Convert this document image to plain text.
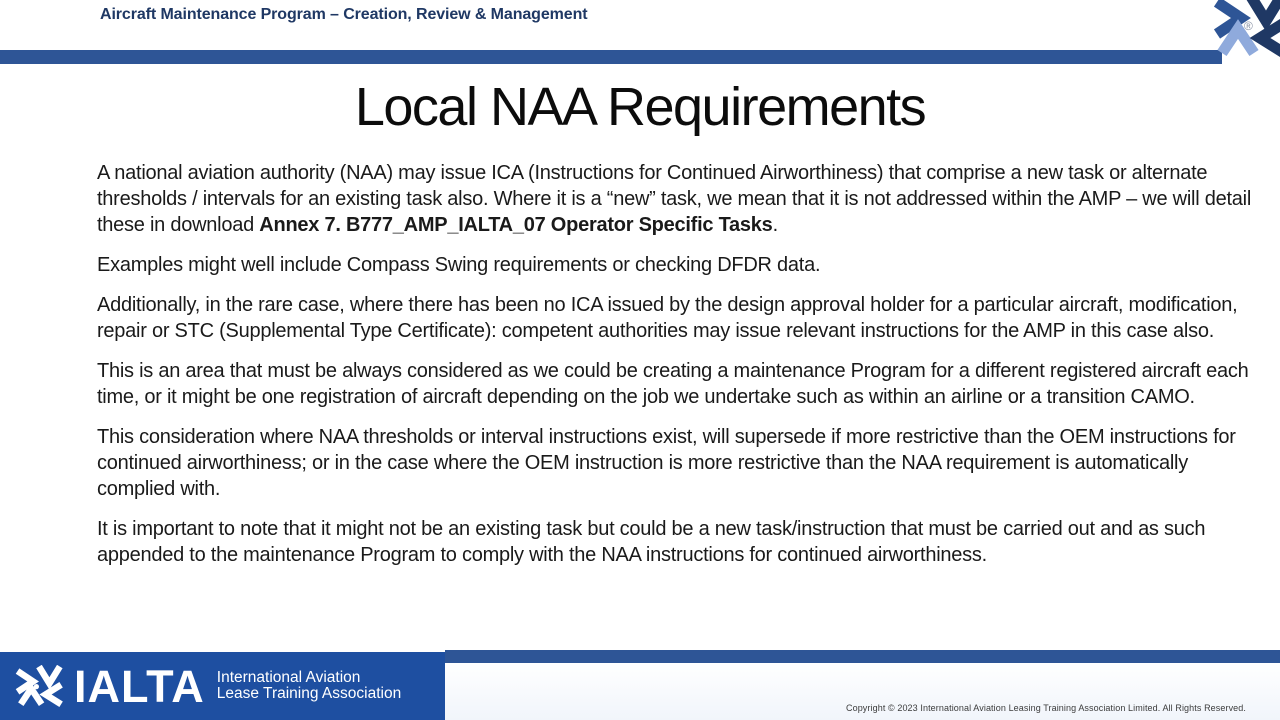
Aircraft Maintenance Program – Creation, Review & Management
®
Local NAA Requirements

A national aviation authority (NAA) may issue ICA (Instructions for Continued Airworthiness) that comprise a new task or alternate thresholds / intervals for an existing task also. Where it is a “new” task, we mean that it is not addressed within the AMP – we will detail these in download Annex 7. B777_AMP_IALTA_07 Operator Specific Tasks.

Examples might well include Compass Swing requirements or checking DFDR data.

Additionally, in the rare case, where there has been no ICA issued by the design approval holder for a particular aircraft, modification, repair or STC (Supplemental Type Certificate): competent authorities may issue relevant instructions for the AMP in this case also.

This is an area that must be always considered as we could be creating a maintenance Program for a different registered aircraft each time, or it might be one registration of aircraft depending on the job we undertake such as within an airline or a transition CAMO.

This consideration where NAA thresholds or interval instructions exist, will supersede if more restrictive than the OEM instructions for continued airworthiness; or in the case where the OEM instruction is more restrictive than the NAA requirement is automatically complied with.

It is important to note that it might not be an existing task but could be a new task/instruction that must be carried out and as such appended to the maintenance Program to comply with the NAA instructions for continued airworthiness.

IALTA International Aviation
Lease Training Association
Copyright © 2023 International Aviation Leasing Training Association Limited. All Rights Reserved.
